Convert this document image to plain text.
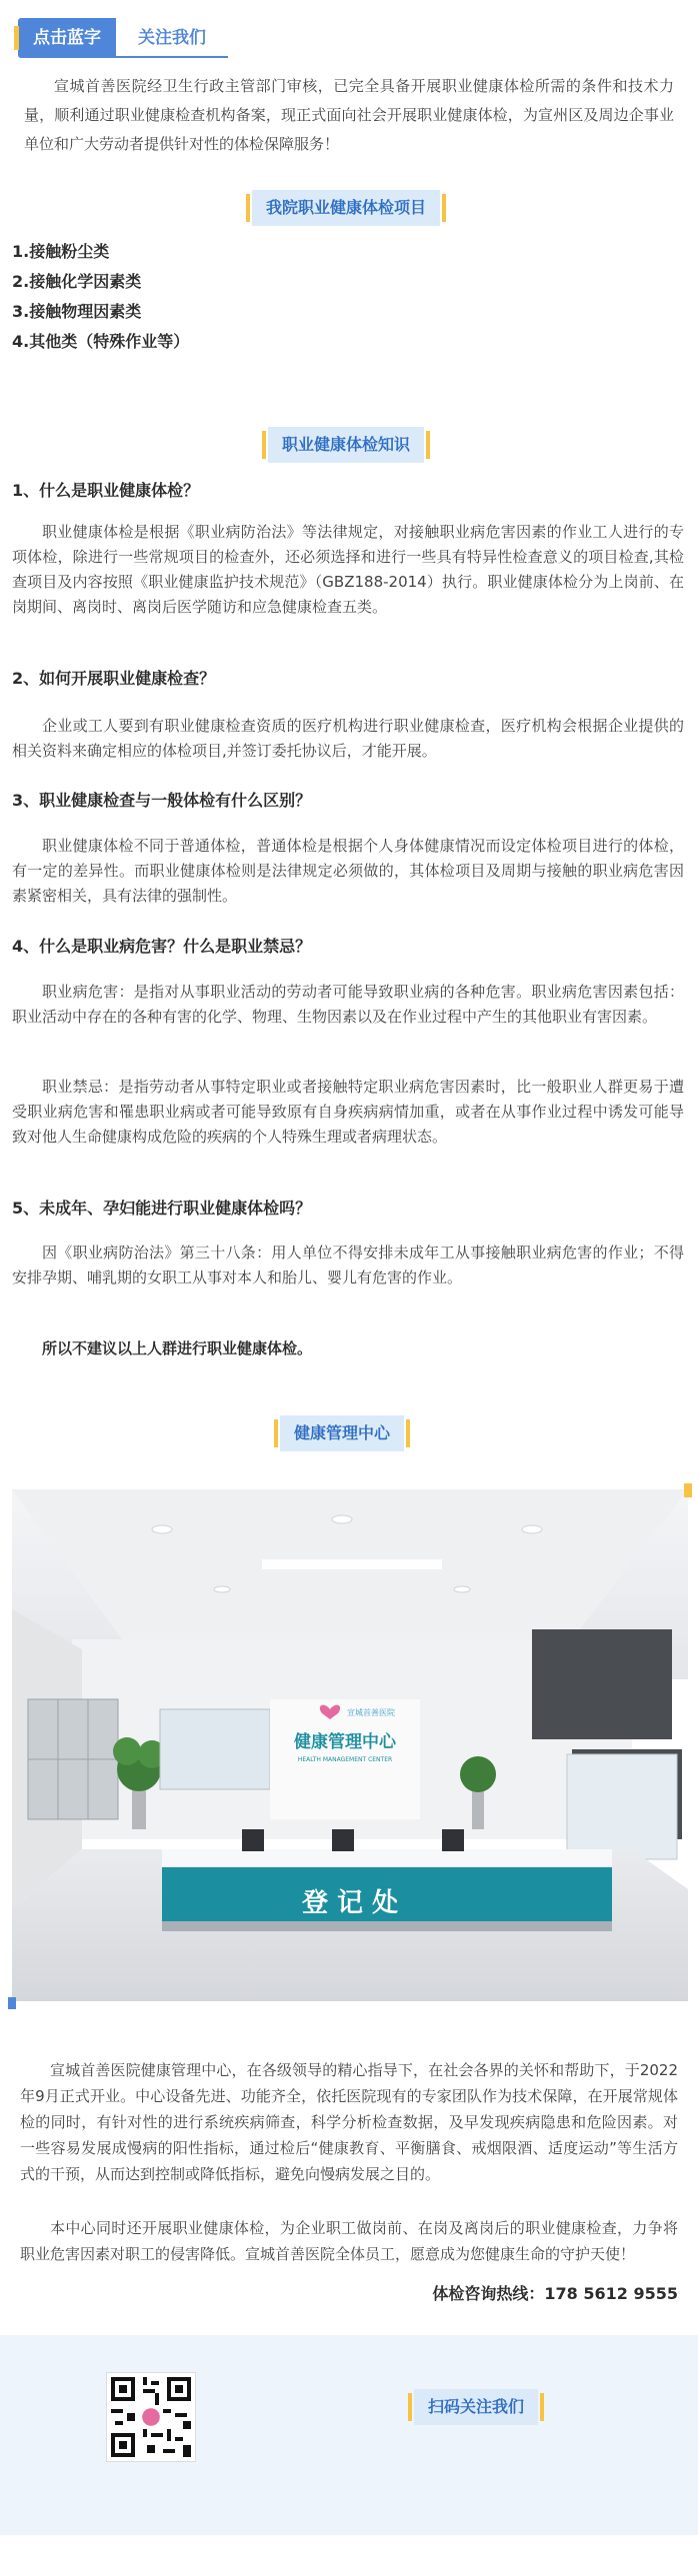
点击蓝字	关注我们
宣城首善医院经卫生行政主管部门审核，已完全具备开展职业健康体检所需的条件和技术力量，顺利通过职业健康检查机构备案，现正式面向社会开展职业健康体检，为宣州区及周边企事业单位和广大劳动者提供针对性的体检保障服务！
我院职业健康体检项目
1.接触粉尘类
2.接触化学因素类
3.接触物理因素类
4.其他类（特殊作业等）
职业健康体检知识
1、什么是职业健康体检？
职业健康体检是根据《职业病防治法》等法律规定，对接触职业病危害因素的作业工人进行的专项体检，除进行一些常规项目的检查外，还必须选择和进行一些具有特异性检查意义的项目检查,其检查项目及内容按照《职业健康监护技术规范》（GBZ188-2014）执行。职业健康体检分为上岗前、在岗期间、离岗时、离岗后医学随访和应急健康检查五类。
2、如何开展职业健康检查？
企业或工人要到有职业健康检查资质的医疗机构进行职业健康检查，医疗机构会根据企业提供的相关资料来确定相应的体检项目,并签订委托协议后，才能开展。
3、职业健康检查与一般体检有什么区别？
职业健康体检不同于普通体检，普通体检是根据个人身体健康情况而设定体检项目进行的体检，有一定的差异性。而职业健康体检则是法律规定必须做的，其体检项目及周期与接触的职业病危害因素紧密相关，具有法律的强制性。
4、什么是职业病危害？什么是职业禁忌？
职业病危害：是指对从事职业活动的劳动者可能导致职业病的各种危害。职业病危害因素包括：职业活动中存在的各种有害的化学、物理、生物因素以及在作业过程中产生的其他职业有害因素。
职业禁忌：是指劳动者从事特定职业或者接触特定职业病危害因素时，比一般职业人群更易于遭受职业病危害和罹患职业病或者可能导致原有自身疾病病情加重，或者在从事作业过程中诱发可能导致对他人生命健康构成危险的疾病的个人特殊生理或者病理状态。
5、未成年、孕妇能进行职业健康体检吗？
因《职业病防治法》第三十八条：用人单位不得安排未成年工从事接触职业病危害的作业；不得安排孕期、哺乳期的女职工从事对本人和胎儿、婴儿有危害的作业。
所以不建议以上人群进行职业健康体检。
健康管理中心
宣城首善医院
健康管理中心
HEALTH MANAGEMENT CENTER
登 记 处
宣城首善医院健康管理中心，在各级领导的精心指导下，在社会各界的关怀和帮助下，于2022年9月正式开业。中心设备先进、功能齐全，依托医院现有的专家团队作为技术保障，在开展常规体检的同时，有针对性的进行系统疾病筛查，科学分析检查数据，及早发现疾病隐患和危险因素。对一些容易发展成慢病的阳性指标，通过检后“健康教育、平衡膳食、戒烟限酒、适度运动”等生活方式的干预，从而达到控制或降低指标，避免向慢病发展之目的。
本中心同时还开展职业健康体检，为企业职工做岗前、在岗及离岗后的职业健康检查，力争将职业危害因素对职工的侵害降低。宣城首善医院全体员工，愿意成为您健康生命的守护天使！
体检咨询热线：178 5612 9555
扫码关注我们
